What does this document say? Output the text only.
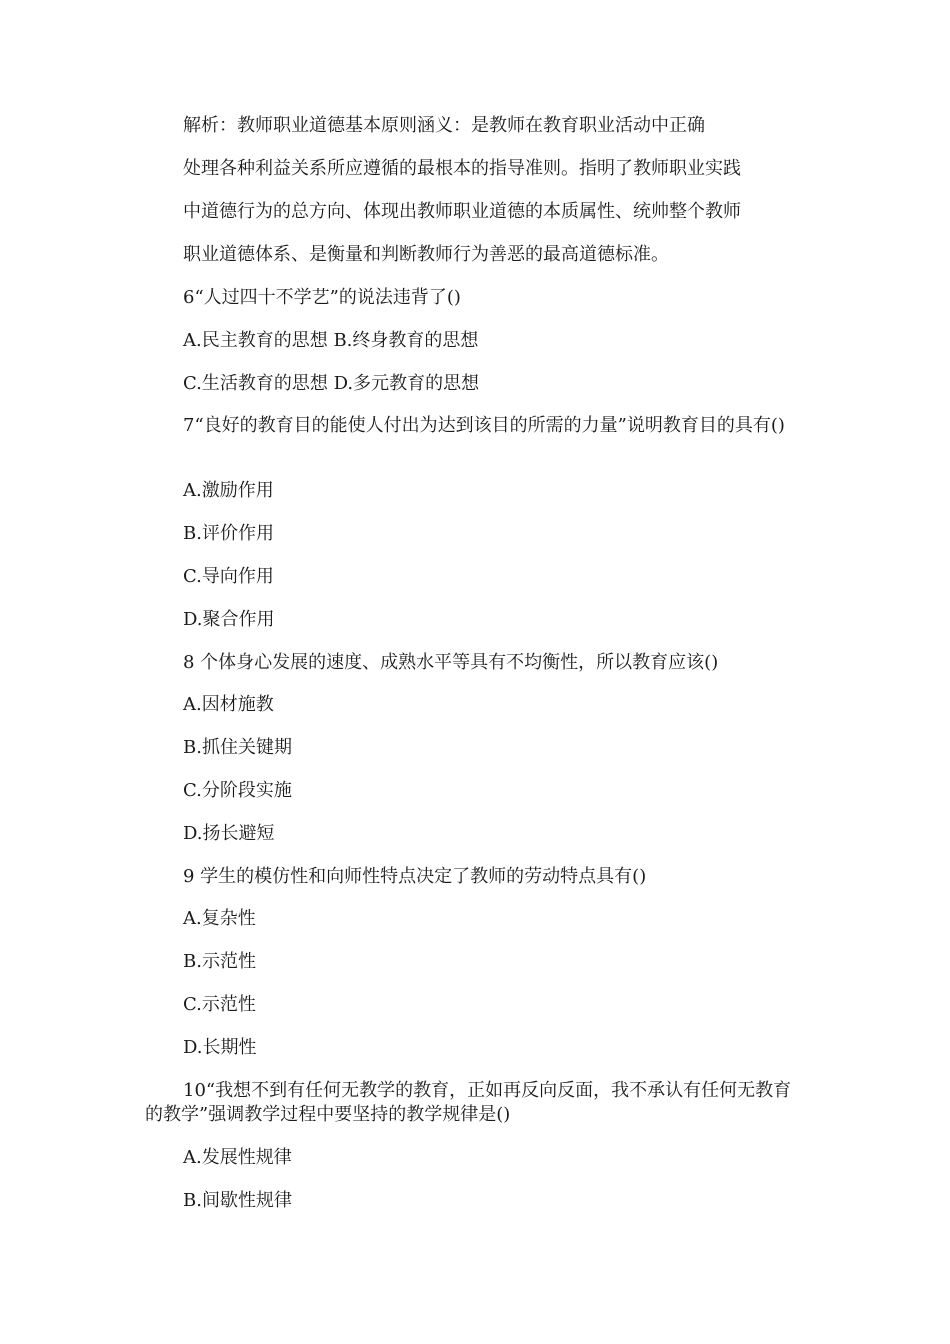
解析：教师职业道德基本原则涵义：是教师在教育职业活动中正确
处理各种利益关系所应遵循的最根本的指导准则。指明了教师职业实践
中道德行为的总方向、体现出教师职业道德的本质属性、统帅整个教师
职业道德体系、是衡量和判断教师行为善恶的最高道德标准。
6“人过四十不学艺”的说法违背了()
A.民主教育的思想 B.终身教育的思想
C.生活教育的思想 D.多元教育的思想
7“良好的教育目的能使人付出为达到该目的所需的力量”说明教育目的具有()
A.激励作用
B.评价作用
C.导向作用
D.聚合作用
8 个体身心发展的速度、成熟水平等具有不均衡性，所以教育应该()
A.因材施教
B.抓住关键期
C.分阶段实施
D.扬长避短
9 学生的模仿性和向师性特点决定了教师的劳动特点具有()
A.复杂性
B.示范性
C.示范性
D.长期性
10“我想不到有任何无教学的教育，正如再反向反面，我不承认有任何无教育的教学”强调教学过程中要坚持的教学规律是()
A.发展性规律
B.间歇性规律
